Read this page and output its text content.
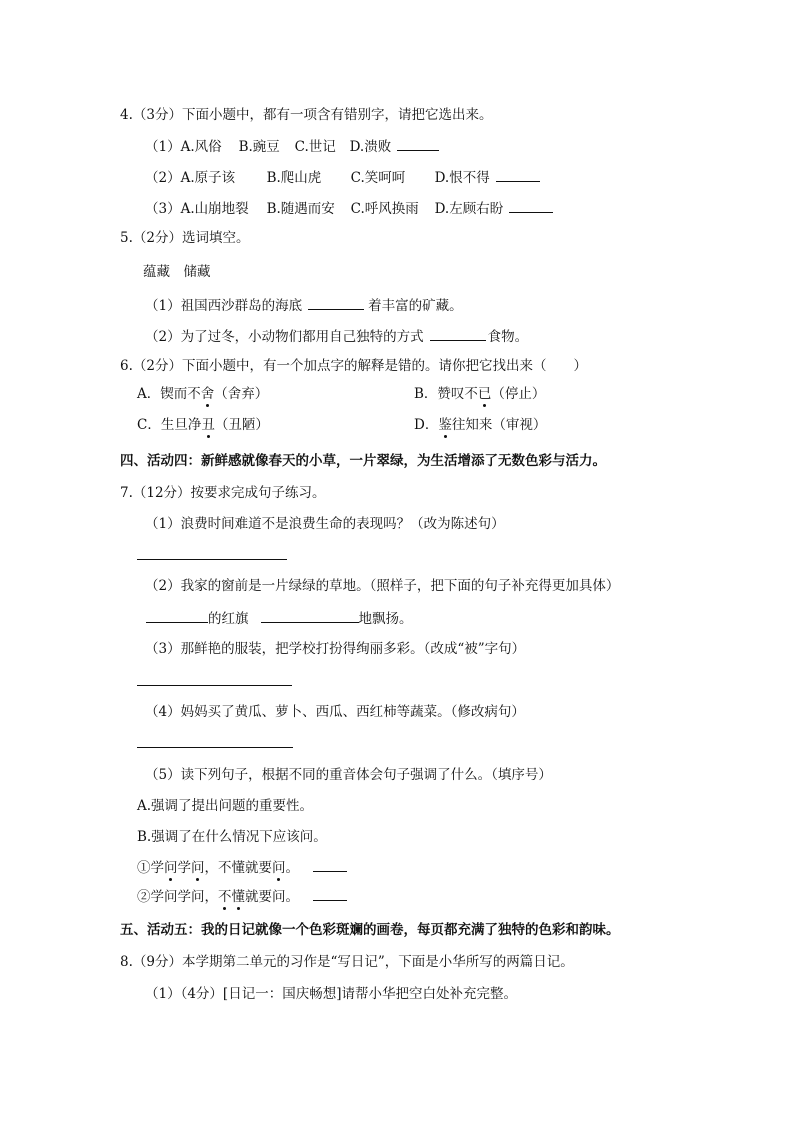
4.（3分）下面小题中，都有一项含有错别字，请把它选出来。
（1）A.风俗 B.豌豆 C.世记 D.溃败
（2）A.原子该 B.爬山虎 C.笑呵呵 D.恨不得
（3）A.山崩地裂 B.随遇而安 C.呼风换雨 D.左顾右盼
5.（2分）选词填空。
蕴藏　储藏
（1）祖国西沙群岛的海底	着丰富的矿藏。
（2）为了过冬，小动物们都用自己独特的方式	食物。
6.（2分）下面小题中，有一个加点字的解释是错的。请你把它找出来（　　）
A．锲而不舍（舍弃）	B．赞叹不已（停止）
C．生旦净丑（丑陋）	D．鉴往知来（审视）
四、活动四：新鲜感就像春天的小草，一片翠绿，为生活增添了无数色彩与活力。
7.（12分）按要求完成句子练习。
（1）浪费时间难道不是浪费生命的表现吗？（改为陈述句）
（2）我家的窗前是一片绿绿的草地。（照样子，把下面的句子补充得更加具体）
的红旗	地飘扬。
（3）那鲜艳的服装，把学校打扮得绚丽多彩。（改成“被”字句）
（4）妈妈买了黄瓜、萝卜、西瓜、西红柿等蔬菜。（修改病句）
（5）读下列句子，根据不同的重音体会句子强调了什么。（填序号）
A.强调了提出问题的重要性。
B.强调了在什么情况下应该问。
①学问学问，不懂就要问。
②学问学问，不懂就要问。
五、活动五：我的日记就像一个色彩斑斓的画卷，每页都充满了独特的色彩和韵味。
8.（9分）本学期第二单元的习作是“写日记”，下面是小华所写的两篇日记。
（1）（4分）[日记一：国庆畅想]请帮小华把空白处补充完整。
